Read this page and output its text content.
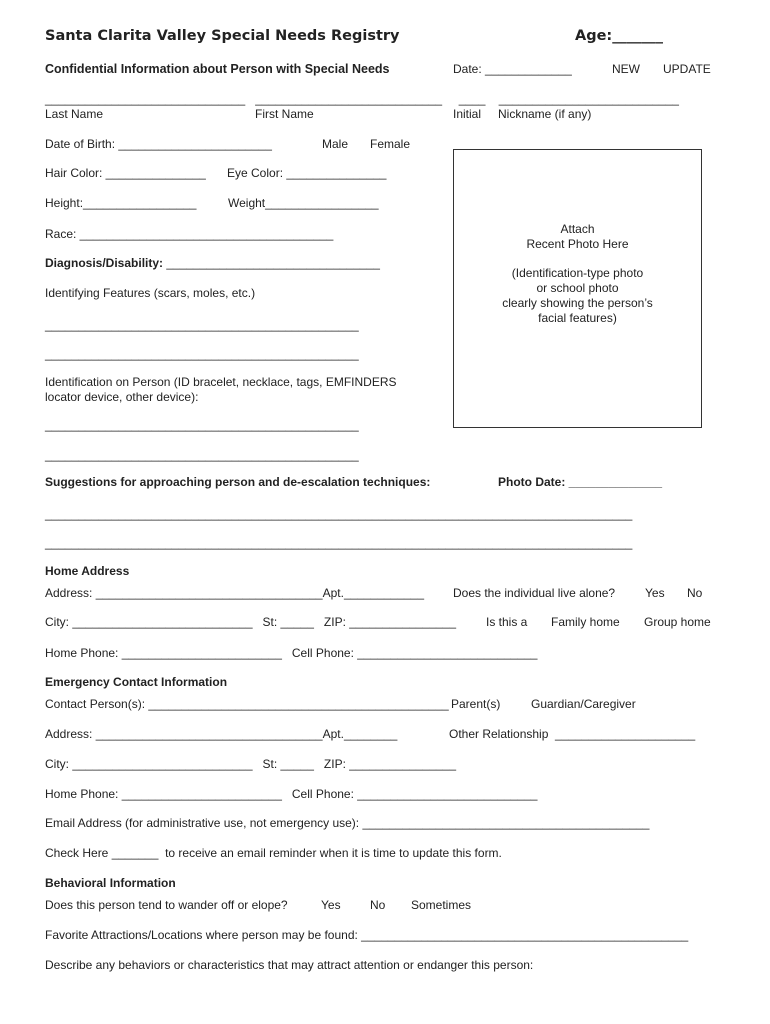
Santa Clarita Valley Special Needs Registry	Age:_______
Confidential Information about Person with Special Needs	Date: _____________	NEW UPDATE
______________________________   ____________________________     ____    ___________________________
Last Name	First Name	Initial Nickname (if any)
Date of Birth: _______________________	Male Female
Hair Color: _______________ Eye Color: _______________
Height:_________________	Weight_________________
Race: ______________________________________
Diagnosis/Disability: ________________________________
Identifying Features (scars, moles, etc.)
_______________________________________________
_______________________________________________
Identification on Person (ID bracelet, necklace, tags, EMFINDERS
locator device, other device):
_______________________________________________
_______________________________________________
Attach
Recent Photo Here
(Identification-type photo
or school photo
clearly showing the person’s
facial features)
Suggestions for approaching person and de-escalation techniques:	Photo Date: ______________
________________________________________________________________________________________
________________________________________________________________________________________
Home Address
Address: __________________________________Apt.____________ Does the individual live alone? Yes No
City: ___________________________   St: _____   ZIP: ________________ Is this a Family home Group home
Home Phone: ________________________   Cell Phone: ___________________________
Emergency Contact Information
Contact Person(s): _____________________________________________ Parent(s)	Guardian/Caregiver
Address: __________________________________Apt.________	Other Relationship  _____________________
City: ___________________________   St: _____   ZIP: ________________
Home Phone: ________________________   Cell Phone: ___________________________
Email Address (for administrative use, not emergency use): ___________________________________________
Check Here _______  to receive an email reminder when it is time to update this form.
Behavioral Information
Does this person tend to wander off or elope?	Yes No Sometimes
Favorite Attractions/Locations where person may be found: _________________________________________________
Describe any behaviors or characteristics that may attract attention or endanger this person:
